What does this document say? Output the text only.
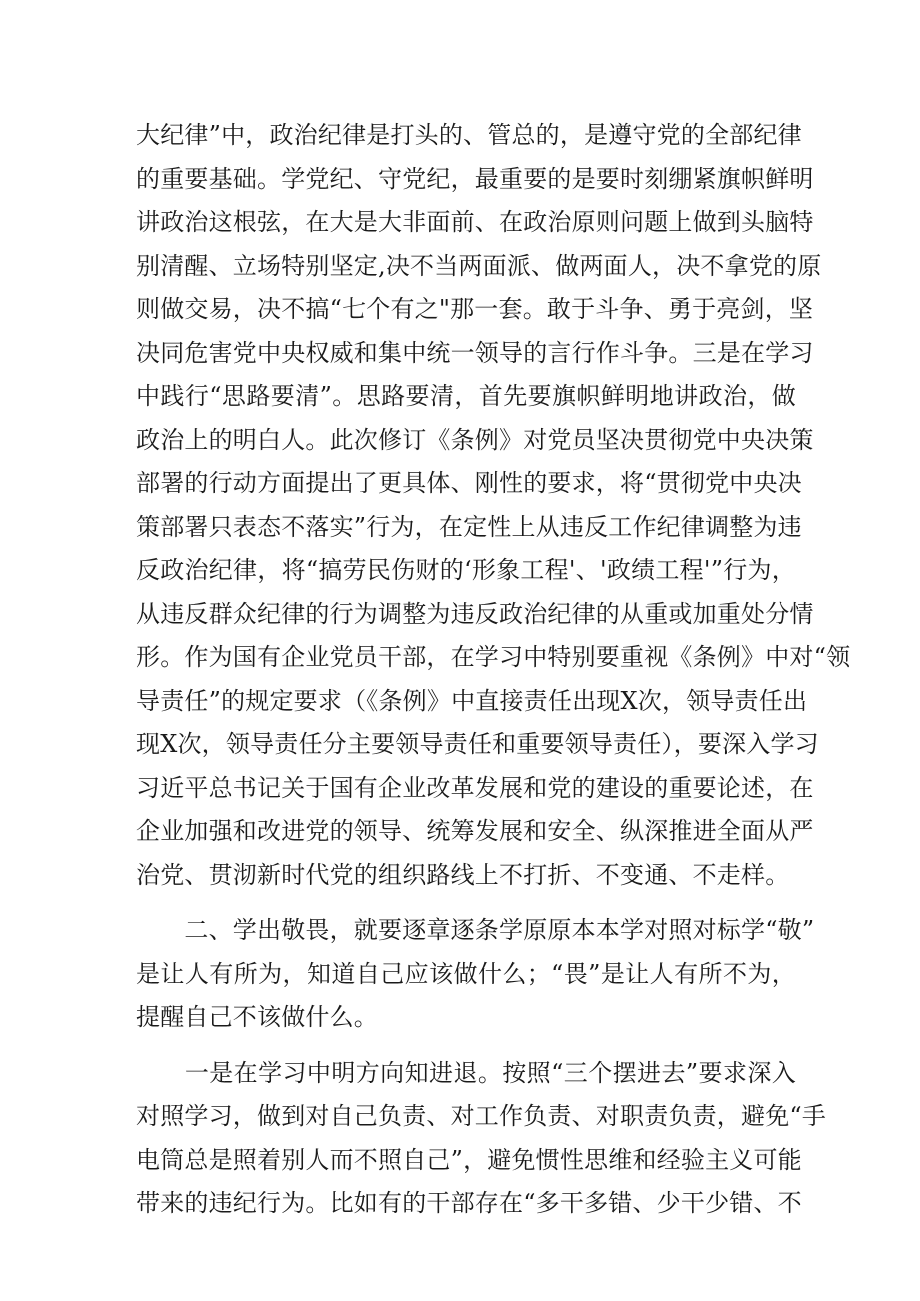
大纪律”中，政治纪律是打头的、管总的，是遵守党的全部纪律
的重要基础。学党纪、守党纪，最重要的是要时刻绷紧旗帜鲜明
讲政治这根弦，在大是大非面前、在政治原则问题上做到头脑特
别清醒、立场特别坚定,决不当两面派、做两面人，决不拿党的原
则做交易，决不搞“七个有之"那一套。敢于斗争、勇于亮剑，坚
决同危害党中央权威和集中统一领导的言行作斗争。三是在学习
中践行“思路要清”。思路要清，首先要旗帜鲜明地讲政治，做
政治上的明白人。此次修订《条例》对党员坚决贯彻党中央决策
部署的行动方面提出了更具体、刚性的要求，将“贯彻党中央决
策部署只表态不落实”行为，在定性上从违反工作纪律调整为违
反政治纪律，将“搞劳民伤财的‘形象工程'、'政绩工程'”行为，
从违反群众纪律的行为调整为违反政治纪律的从重或加重处分情
形。作为国有企业党员干部，在学习中特别要重视《条例》中对“领
导责任”的规定要求（《条例》中直接责任出现X次，领导责任出
现X次，领导责任分主要领导责任和重要领导责任），要深入学习
习近平总书记关于国有企业改革发展和党的建设的重要论述，在
企业加强和改进党的领导、统筹发展和安全、纵深推进全面从严
治党、贯沏新时代党的组织路线上不打折、不变通、不走样。
　　二、学出敬畏，就要逐章逐条学原原本本学对照对标学“敬”
是让人有所为，知道自己应该做什么；“畏”是让人有所不为，
提醒自己不该做什么。
　　一是在学习中明方向知进退。按照“三个摆进去”要求深入
对照学习，做到对自己负责、对工作负责、对职责负责，避免“手
电筒总是照着别人而不照自己”，避免惯性思维和经验主义可能
带来的违纪行为。比如有的干部存在“多干多错、少干少错、不
